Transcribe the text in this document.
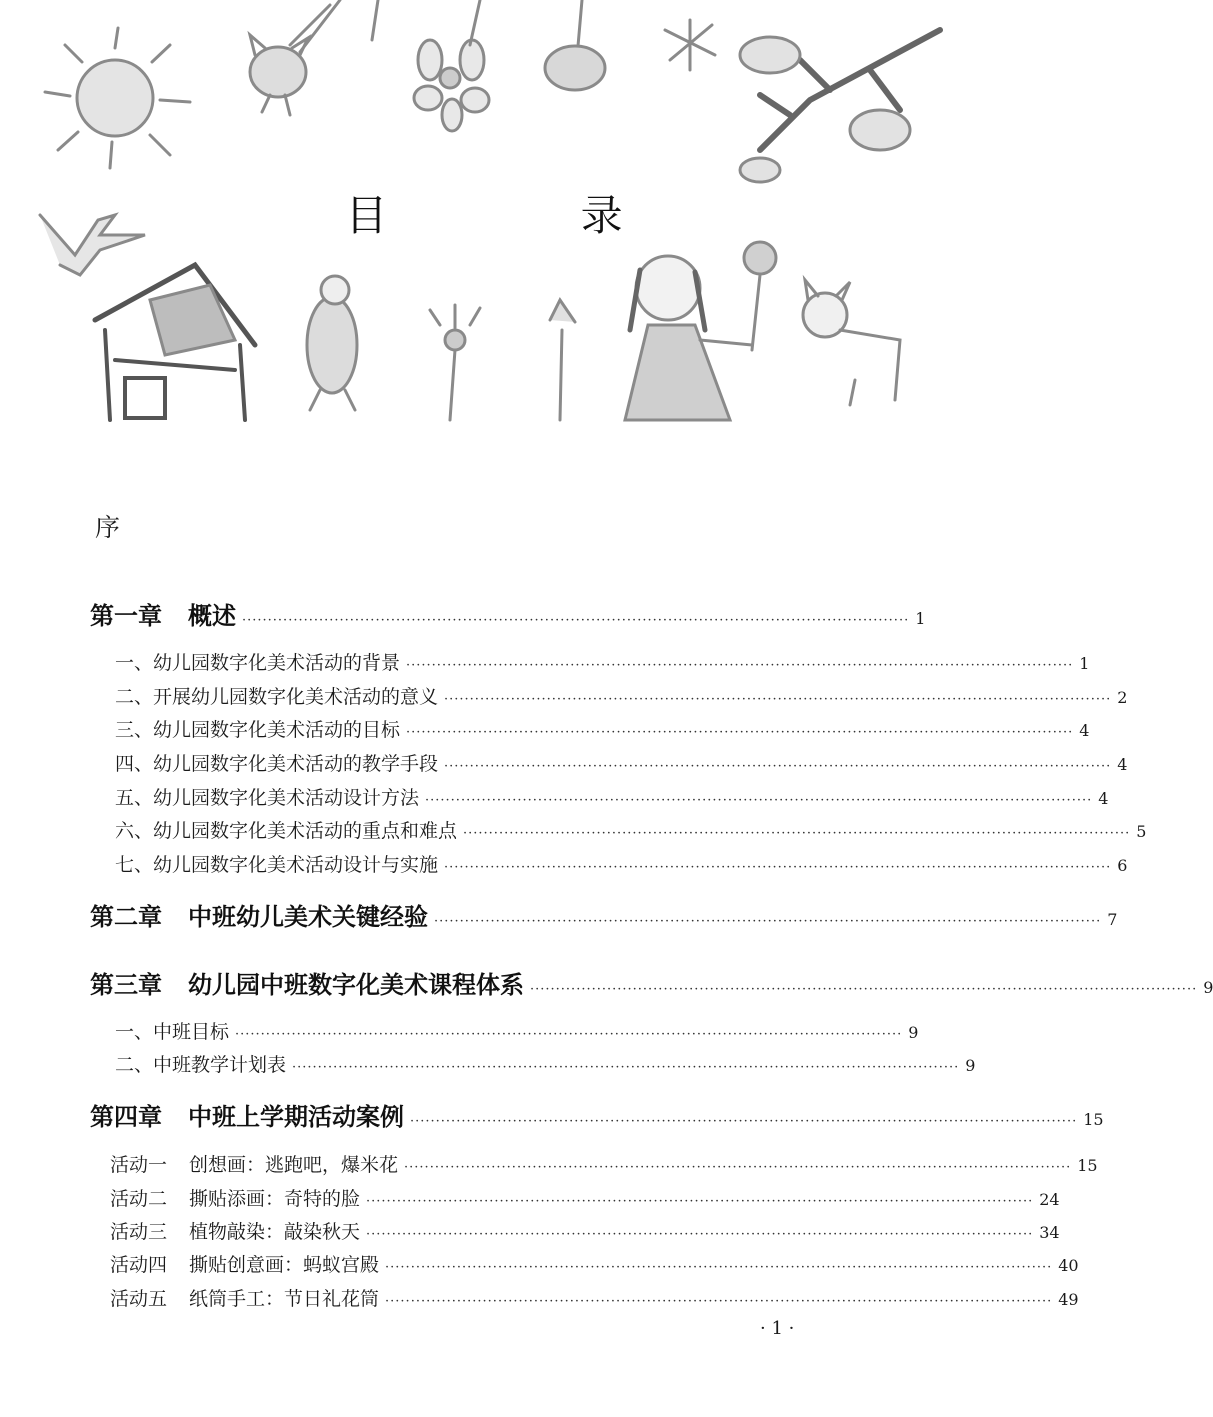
目 录
序
第一章 概述 ·································································································································· 1
一、幼儿园数字化美术活动的背景 ·································································································································· 1
二、开展幼儿园数字化美术活动的意义 ·································································································································· 2
三、幼儿园数字化美术活动的目标 ·································································································································· 4
四、幼儿园数字化美术活动的教学手段 ·································································································································· 4
五、幼儿园数字化美术活动设计方法 ·································································································································· 4
六、幼儿园数字化美术活动的重点和难点 ·································································································································· 5
七、幼儿园数字化美术活动设计与实施 ·································································································································· 6
第二章 中班幼儿美术关键经验 ·································································································································· 7
第三章 幼儿园中班数字化美术课程体系 ·································································································································· 9
一、中班目标 ·································································································································· 9
二、中班教学计划表 ·································································································································· 9
第四章 中班上学期活动案例 ·································································································································· 15
活动一 创想画：逃跑吧，爆米花 ·································································································································· 15
活动二 撕贴添画：奇特的脸 ·································································································································· 24
活动三 植物敲染：敲染秋天 ·································································································································· 34
活动四 撕贴创意画：蚂蚁宫殿 ·································································································································· 40
活动五 纸筒手工：节日礼花筒 ·································································································································· 49
· 1 ·
